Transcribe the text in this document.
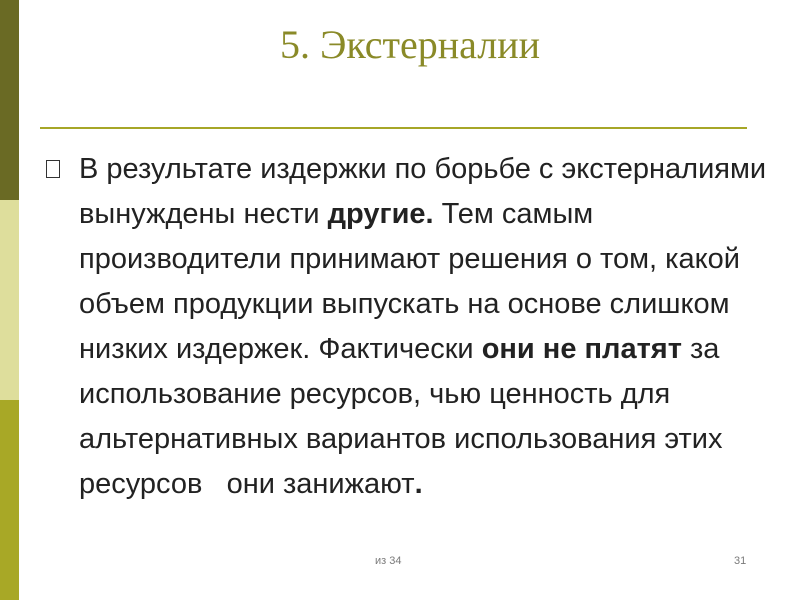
5. Экстерналии
В результате издержки по борьбе с экстерналиями вынуждены нести другие. Тем самым производители принимают решения о том, какой объем продукции выпускать на основе слишком низких издержек. Фактически они не платят за использование ресурсов, чью ценность для альтернативных вариантов использования этих ресурсов   они занижают.
из 34	31
